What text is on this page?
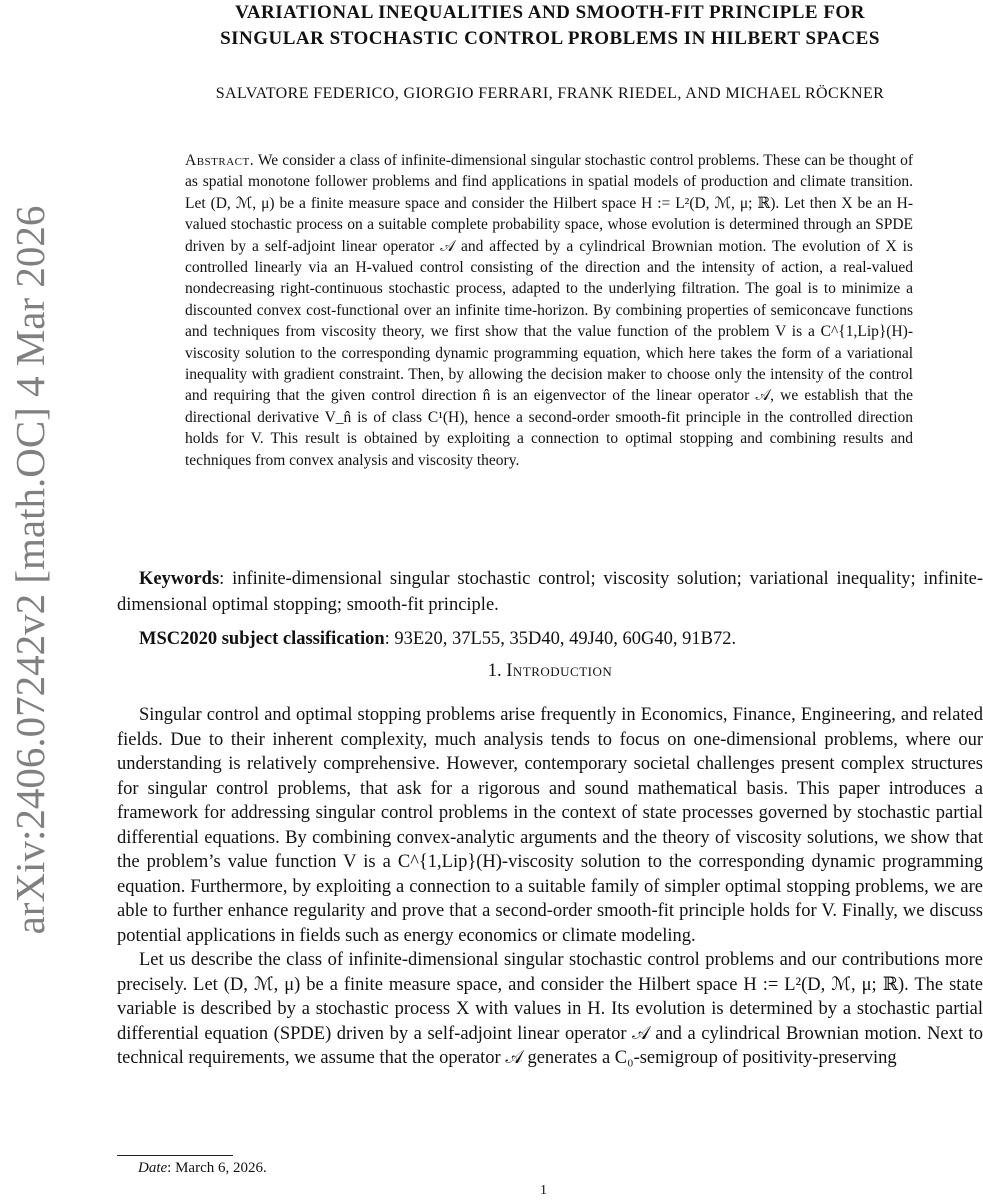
arXiv:2406.07242v2 [math.OC] 4 Mar 2026
VARIATIONAL INEQUALITIES AND SMOOTH-FIT PRINCIPLE FOR
SINGULAR STOCHASTIC CONTROL PROBLEMS IN HILBERT SPACES
SALVATORE FEDERICO, GIORGIO FERRARI, FRANK RIEDEL, AND MICHAEL RÖCKNER
Abstract. We consider a class of infinite-dimensional singular stochastic control problems. These can be thought of as spatial monotone follower problems and find applications in spatial models of production and climate transition. Let (D, ℳ, μ) be a finite measure space and consider the Hilbert space H := L²(D, ℳ, μ; ℝ). Let then X be an H-valued stochastic process on a suitable complete probability space, whose evolution is determined through an SPDE driven by a self-adjoint linear operator 𝒜 and affected by a cylindrical Brownian motion. The evolution of X is controlled linearly via an H-valued control consisting of the direction and the intensity of action, a real-valued nondecreasing right-continuous stochastic process, adapted to the underlying filtration. The goal is to minimize a discounted convex cost-functional over an infinite time-horizon. By combining properties of semiconcave functions and techniques from viscosity theory, we first show that the value function of the problem V is a C^{1,Lip}(H)-viscosity solution to the corresponding dynamic programming equation, which here takes the form of a variational inequality with gradient constraint. Then, by allowing the decision maker to choose only the intensity of the control and requiring that the given control direction n̂ is an eigenvector of the linear operator 𝒜, we establish that the directional derivative V_n̂ is of class C¹(H), hence a second-order smooth-fit principle in the controlled direction holds for V. This result is obtained by exploiting a connection to optimal stopping and combining results and techniques from convex analysis and viscosity theory.

Keywords: infinite-dimensional singular stochastic control; viscosity solution; variational inequality; infinite-dimensional optimal stopping; smooth-fit principle.

MSC2020 subject classification: 93E20, 37L55, 35D40, 49J40, 60G40, 91B72.

1. Introduction

Singular control and optimal stopping problems arise frequently in Economics, Finance, Engineering, and related fields. Due to their inherent complexity, much analysis tends to focus on one-dimensional problems, where our understanding is relatively comprehensive. However, contemporary societal challenges present complex structures for singular control problems, that ask for a rigorous and sound mathematical basis. This paper introduces a framework for addressing singular control problems in the context of state processes governed by stochastic partial differential equations. By combining convex-analytic arguments and the theory of viscosity solutions, we show that the problem’s value function V is a C^{1,Lip}(H)-viscosity solution to the corresponding dynamic programming equation. Furthermore, by exploiting a connection to a suitable family of simpler optimal stopping problems, we are able to further enhance regularity and prove that a second-order smooth-fit principle holds for V. Finally, we discuss potential applications in fields such as energy economics or climate modeling.

Let us describe the class of infinite-dimensional singular stochastic control problems and our contributions more precisely. Let (D, ℳ, μ) be a finite measure space, and consider the Hilbert space H := L²(D, ℳ, μ; ℝ). The state variable is described by a stochastic process X with values in H. Its evolution is determined by a stochastic partial differential equation (SPDE) driven by a self-adjoint linear operator 𝒜 and a cylindrical Brownian motion. Next to technical requirements, we assume that the operator 𝒜 generates a C₀-semigroup of positivity-preserving

Date: March 6, 2026.
1
